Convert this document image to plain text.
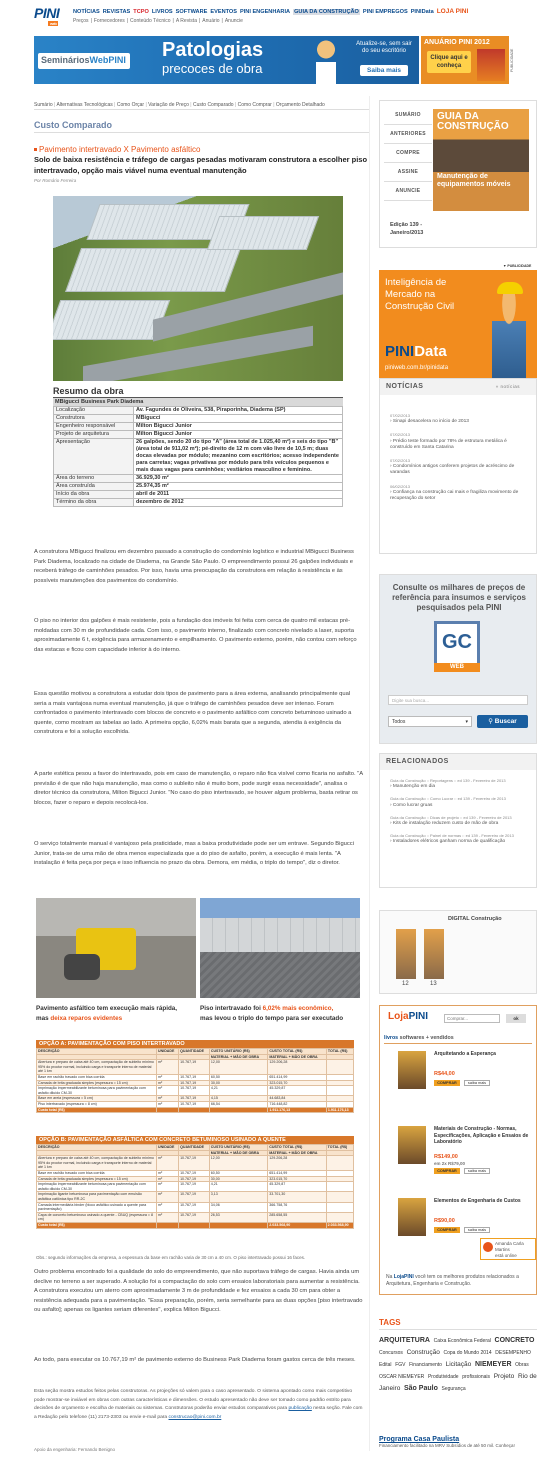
PINI
web
NOTÍCIAS REVISTAS TCPO LIVROS SOFTWARE EVENTOS PINI ENGENHARIA GUIA DA CONSTRUÇÃO PINI EMPREGOS PINIData LOJA PINI
Preços | Fornecedores | Conteúdo Técnico | A Revista | Anuário | Anuncie
SemináriosWebPINI Patologias
precoces de obra
Atualize-se, sem sair do seu escritório
Saiba mais
ANUÁRIO PINI 2012
Clique aqui e conheça	PUBLICIDADE
Sumário | Alternativas Tecnológicas | Como Orçar | Variação de Preço | Custo Comparado | Como Comprar | Orçamento Detalhado
Custo Comparado
Pavimento intertravado X Pavimento asfáltico
Solo de baixa resistência e tráfego de cargas pesadas motivaram construtora a escolher piso intertravado, opção mais viável numa eventual manutenção
Por Romário Ferreira
Resumo da obra
MBigucci Business Park Diadema
Localização	Av. Fagundes de Oliveira, 538, Piraporinha, Diadema (SP)
Construtora	MBigucci
Engenheiro responsável	Milton Bigucci Junior
Projeto de arquitetura	Milton Bigucci Junior
Apresentação	26 galpões, sendo 20 do tipo "A" (área total de 1.025,40 m²) e seis do tipo "B" (área total de 911,02 m²); pé-direito de 12 m com vão livre de 10,5 m; duas docas elevadas por módulo; mezanino com escritórios; acesso independente para carretas; vagas privativas por módulo para três veículos pequenos e mais duas vagas para caminhões; vestiários masculino e feminino.
Área do terreno	36.929,30 m²
Área construída	25.974,35 m²
Início da obra	abril de 2011
Término da obra	dezembro de 2012
A construtora MBigucci finalizou em dezembro passado a construção do condomínio logístico e industrial MBigucci Business Park Diadema, localizado na cidade de Diadema, na Grande São Paulo. O empreendimento possui 26 galpões individuais e receberá tráfego de caminhões pesados. Por isso, havia uma preocupação da construtora em relação à resistência e às possíveis manutenções dos pavimentos do condomínio.
O piso no interior dos galpões é mais resistente, pois a fundação dos imóveis foi feita com cerca de quatro mil estacas pré-moldadas com 30 m de profundidade cada. Com isso, o pavimento interno, finalizado com concreto nivelado a laser, suporta aproximadamente 6 t, exigência para armazenamento e empilhamento. O pavimento externo, porém, não contou com reforço das estacas e ficou com capacidade inferior à do interno.
Essa questão motivou a construtora a estudar dois tipos de pavimento para a área externa, analisando principalmente qual seria a mais vantajosa numa eventual manutenção, já que o tráfego de caminhões pesados deve ser intenso. Foram confrontados o pavimento intertravado com blocos de concreto e o pavimento asfáltico com concreto betuminoso usinado a quente, como mostram as tabelas ao lado. A primeira opção, 6,02% mais barata que a segunda, atendia à exigência da construtora e foi a solução escolhida.
A parte estética pesou a favor do intertravado, pois em caso de manutenção, o reparo não fica visível como ficaria no asfalto. "A previsão é de que não haja manutenção, mas como o subleito não é muito bom, pode surgir essa necessidade", analisa o diretor técnico da construtora, Milton Bigucci Junior. "No caso do piso intertravado, se houver algum problema, basta retirar os blocos, fazer o reparo e depois recolocá-los.
O serviço totalmente manual é vantajoso pela praticidade, mas a baixa produtividade pode ser um entrave. Segundo Bigucci Junior, trata-se de uma mão de obra menos especializada que a do piso de asfalto, porém, a execução é mais lenta. "A instalação é feita peça por peça e isso influencia no prazo da obra. Demora, em média, o triplo do tempo", diz o diretor.
Pavimento asfáltico tem execução mais rápida,
mas deixa reparos evidentes
Piso intertravado foi 6,02% mais econômico,
mas levou o triplo do tempo para ser executado
OPÇÃO A: PAVIMENTAÇÃO COM PISO INTERTRAVADO
DESCRIÇÃO	UNIDADE	QUANTIDADE	CUSTO UNITÁRIO (R$)	CUSTO TOTAL (R$)	TOTAL (R$)
			MATERIAL + MÃO DE OBRA	MATERIAL + MÃO DE OBRA	
Abertura e preparo de caixa até 40 cm, compactação de subleito mínimo 95% do proctor normal, incluindo carga e transporte interno de material até 1 km	m²	10.767,19	12,00	129.206,28	
Base em rachão travado com bica corrida	m²	10.767,19	60,50	651.414,99	
Camada de brita graduada simples (espessura = 15 cm)	m²	10.767,19	30,00	323.015,70	
Imprimação impermeabilizante betuminosa para pavimentação com asfalto diluído CM-30	m²	10.767,19	4,21	45.329,87	
Base em areia (espessura = 5 cm)	m²	10.767,19	4,15	44.683,84	
Piso intertravado (espessura = 8 cm)	m²	10.767,19	66,54	716.448,82	
Custo total (R$)				1.911.176,13	1.911.176,13
OPÇÃO B: PAVIMENTAÇÃO ASFÁLTICA COM CONCRETO BETUMINOSO USINADO A QUENTE
DESCRIÇÃO	UNIDADE	QUANTIDADE	CUSTO UNITÁRIO (R$)	CUSTO TOTAL (R$)	TOTAL (R$)
			MATERIAL + MÃO DE OBRA	MATERIAL + MÃO DE OBRA	
Abertura e preparo de caixa até 40 cm, compactação de subleito mínimo 95% do proctor normal, incluindo carga e transporte interno de material até 1 km	m²	10.767,19	12,00	129.206,28	
Base em rachão travado com bica corrida	m²	10.767,19	60,50	651.414,99	
Camada de brita graduada simples (espessura = 15 cm)	m²	10.767,19	30,00	323.015,70	
Imprimação impermeabilizante betuminosa para pavimentação com asfalto diluído CM-30	m²	10.767,19	4,21	45.329,87	
Imprimação ligante betuminosa para pavimentação com emulsão asfáltica catiônica tipo RR-2C	m²	10.767,19	3,13	33.701,30	
Camada intermediária binder (bloco asfáltico usinado a quente para pavimentação)	m²	10.767,19	34,06	366.758,76	
Capa de concreto betuminoso usinado a quente - CBUQ (espessura = 8 cm)	m²	10.767,19	26,53	285.658,55	
Custo total (R$)				2.033.568,90	2.033.568,90
Obs.: segundo informações da empresa, a espessura da base em rachão varia de 30 cm a 40 cm. O piso intertravado possui 16 faces.
Outro problema encontrado foi a qualidade do solo do empreendimento, que não suportava tráfego de cargas. Havia ainda um declive no terreno a ser superado. A solução foi a compactação do solo com ensaios laboratoriais para aumentar a resistência. A construtora executou um aterro com aproximadamente 3 m de profundidade e fez ensaios a cada 30 cm para obter a resistência adequada para a pavimentação. "Essa preparação, porém, seria semelhante para as duas opções [piso intertravado ou asfalto]; apenas os ligantes seriam diferentes", explica Milton Bigucci.
Ao todo, para executar os 10.767,19 m² de pavimento externo do Business Park Diadema foram gastos cerca de três meses.
Esta seção mostra estudos feitos pelas construtoras. As projeções só valem para o caso apresentado. O sistema apontado como mais competitivo pode mostrar-se inviável em obras com outras características e dimensões. O estudo apresentado não deve ser tomado como padrão estrito para decisões de orçamento e escolha de materiais ou sistemas. Construtoras poderão enviar estudos comparativos para publicação nesta seção. Fale com a Redação pelo telefone (11) 2173-2303 ou envie e-mail para construcao@pini.com.br
Apoio da engenharia: Fernando Benigno
SUMÁRIO
ANTERIORES
COMPRE
ASSINE
ANUNCIE
GUIA DA CONSTRUÇÃO
Manutenção de equipamentos móveis
Edição 139 -
Janeiro/2013
▼ PUBLICIDADE
Inteligência de Mercado na Construção Civil
PINIData
piniweb.com.br/pinidata
NOTÍCIAS	» notícias
07/02/2013
› Sinapi desacelera no início de 2013
07/02/2013
› Prédio teste formado por 78% de estrutura metálica é construído em Santa Catarina
07/02/2013
› Condomínios antigos conferem projetos de acréscimo de varandas
06/02/2013
› Confiança na construção cai mais e fragiliza movimento de recuperação do setor
Consulte os milhares de preços de referência para insumos e serviços pesquisados pela PINI
GC
WEB
Digite sua busca...
Todos	▾	⚲ Buscar
RELACIONADOS
Guia da Construção :: Reportagens :: ed 139 - Fevereiro de 2013
› Manutenção em dia
Guia da Construção :: Como Lucrar :: ed 139 - Fevereiro de 2013
› Como lucrar gruas
Guia da Construção :: Dicas de projeto :: ed 139 - Fevereiro de 2013
› Kits de instalação reduzem custo de mão de obra
Guia da Construção :: Painel de normas :: ed 139 - Fevereiro de 2013
› Instaladores elétricos ganham norma de qualificação
DIGITAL Construção
12	13
LojaPINI	Comprar...	ok
livros softwares + vendidos
Arquitetando a Esperança
R$44,00
COMPRAR	saiba mais
Materiais de Construção - Normas, Especificações, Aplicação e Ensaios de Laboratório
R$149,00
em 2x R$79,00
COMPRAR	saiba mais
Elementos de Engenharia de Custos
R$90,00
COMPRAR	saiba mais
Amanda Carla Martins
está online
Na LojaPINI você tem os melhores produtos relacionados a Arquitetura, Engenharia e Construção.
TAGS
ARQUITETURA Caixa Econômica Federal CONCRETO Concursos Construção Copa do Mundo 2014 DESEMPENHO Edital FGV Financiamento Licitação NIEMEYER Obras OSCAR NIEMEYER Produtividade profissionais Projeto Rio de Janeiro São Paulo Segurança
Programa Casa Paulista
Financiamento facilitado na MRV Subsídios de até 50 mil. Conheça!
